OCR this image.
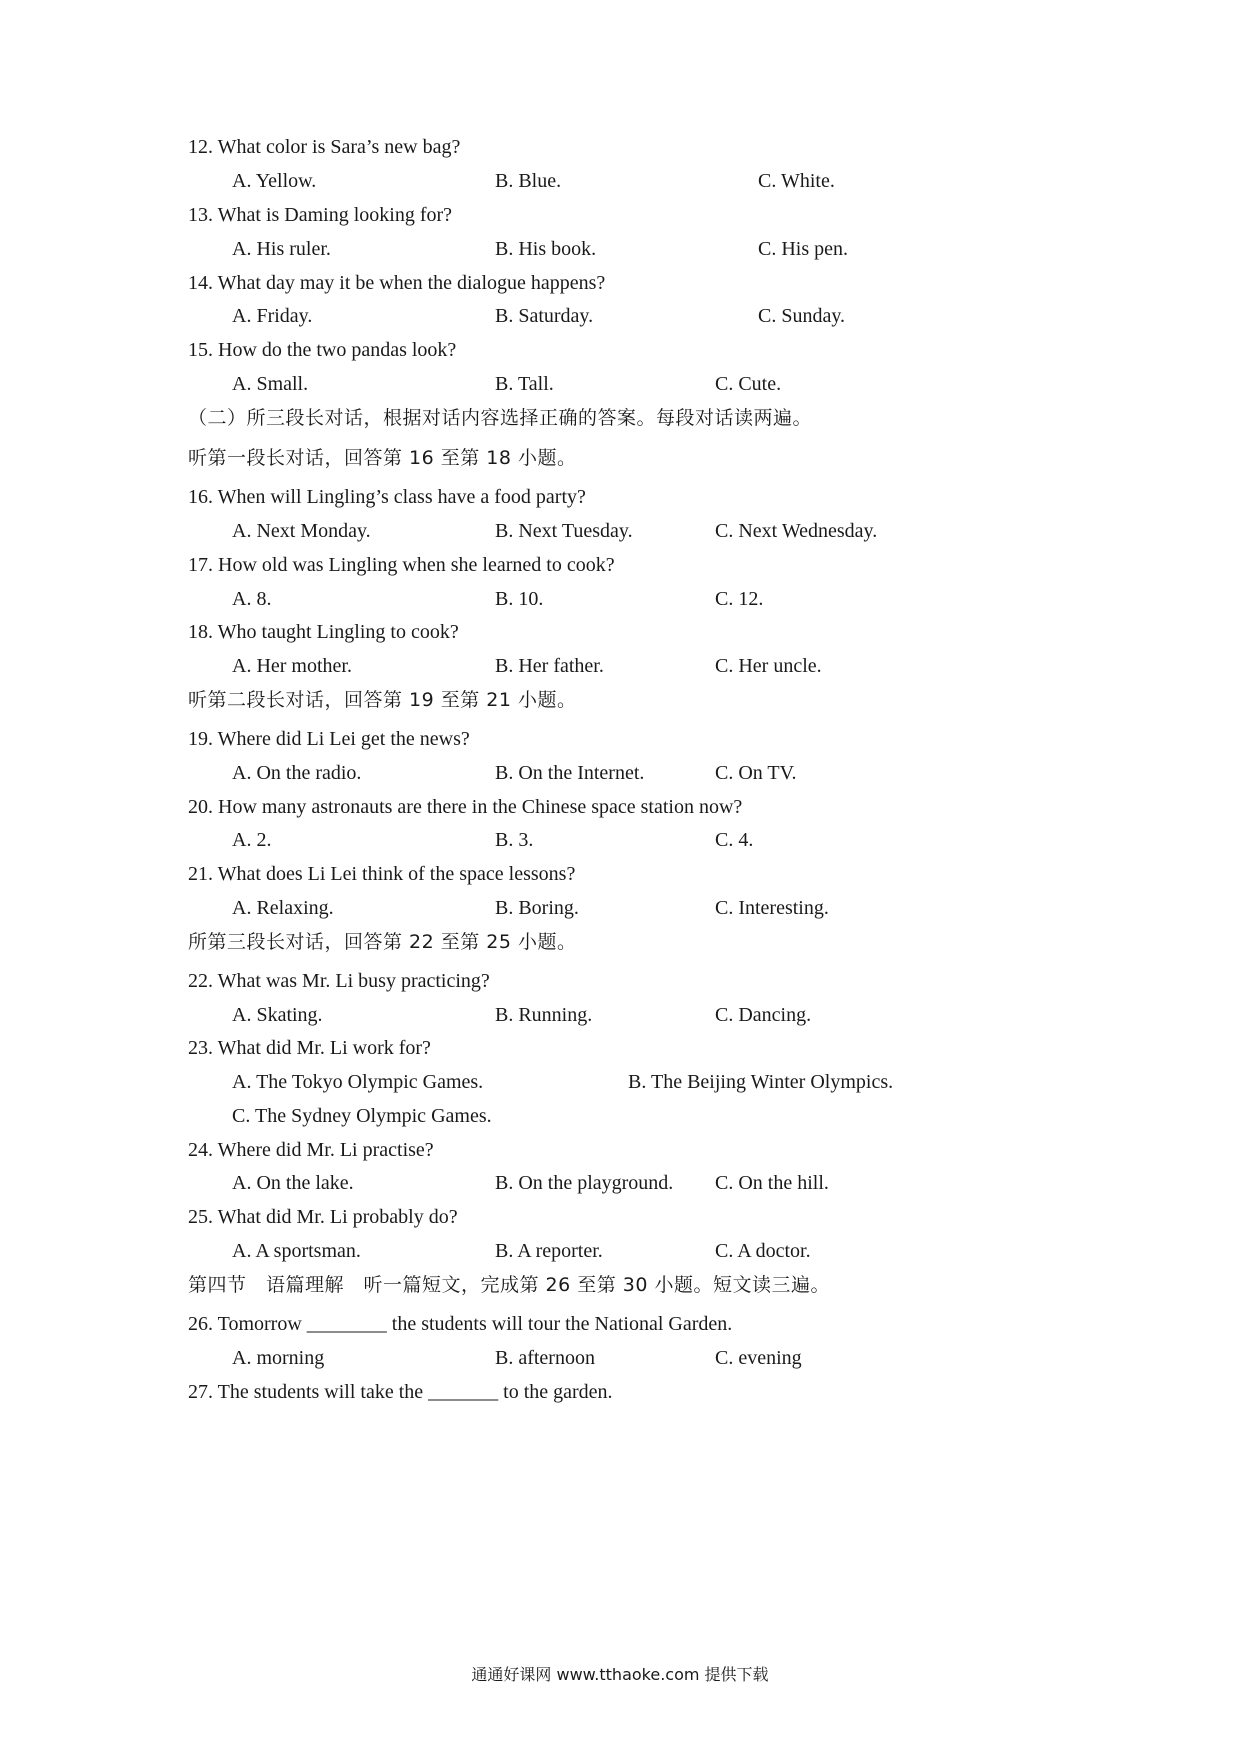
12. What color is Sara’s new bag?
A. Yellow.	B. Blue.	C. White.
13. What is Daming looking for?
A. His ruler.	B. His book.	C. His pen.
14. What day may it be when the dialogue happens?
A. Friday.	B. Saturday.	C. Sunday.
15. How do the two pandas look?
A. Small.	B. Tall.	C. Cute.
（二）所三段长对话，根据对话内容选择正确的答案。每段对话读两遍。
听第一段长对话，回答第 16 至第 18 小题。
16. When will Lingling’s class have a food party?
A. Next Monday.	B. Next Tuesday.	C. Next Wednesday.
17. How old was Lingling when she learned to cook?
A. 8.	B. 10.	C. 12.
18. Who taught Lingling to cook?
A. Her mother.	B. Her father.	C. Her uncle.
听第二段长对话，回答第 19 至第 21 小题。
19. Where did Li Lei get the news?
A. On the radio.	B. On the Internet.	C. On TV.
20. How many astronauts are there in the Chinese space station now?
A. 2.	B. 3.	C. 4.
21. What does Li Lei think of the space lessons?
A. Relaxing.	B. Boring.	C. Interesting.
所第三段长对话，回答第 22 至第 25 小题。
22. What was Mr. Li busy practicing?
A. Skating.	B. Running.	C. Dancing.
23. What did Mr. Li work for?
A. The Tokyo Olympic Games.	B. The Beijing Winter Olympics.
C. The Sydney Olympic Games.
24. Where did Mr. Li practise?
A. On the lake.	B. On the playground. C. On the hill.
25. What did Mr. Li probably do?
A. A sportsman.	B. A reporter.	C. A doctor.
第四节　语篇理解　听一篇短文，完成第 26 至第 30 小题。短文读三遍。
26. Tomorrow ________ the students will tour the National Garden.
A. morning	B. afternoon	C. evening
27. The students will take the _______ to the garden.
通通好课网 www.tthaoke.com 提供下载
